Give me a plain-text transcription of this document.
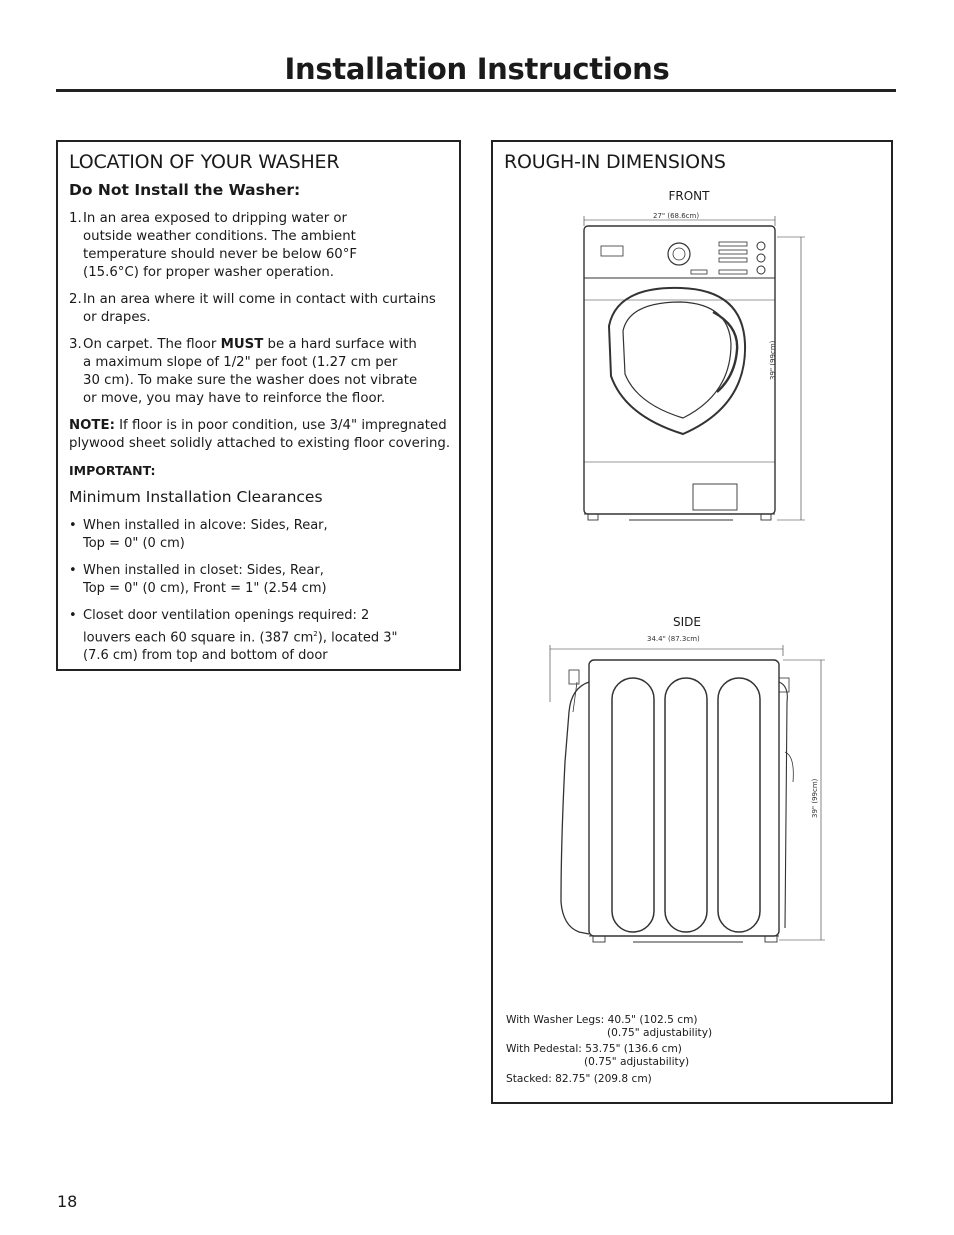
Installation Instructions
LOCATION OF YOUR WASHER
Do Not Install the Washer:
1. In an area exposed to dripping water or outside weather conditions. The ambient temperature should never be below 60°F (15.6°C) for proper washer operation.
2. In an area where it will come in contact with curtains or drapes.
3. On carpet. The floor MUST be a hard surface with a maximum slope of 1/2" per foot (1.27 cm per 30 cm). To make sure the washer does not vibrate or move, you may have to reinforce the floor.
NOTE: If floor is in poor condition, use 3/4" impregnated plywood sheet solidly attached to existing floor covering.
IMPORTANT:
Minimum Installation Clearances
• When installed in alcove: Sides, Rear, Top = 0" (0 cm)
• When installed in closet: Sides, Rear, Top = 0" (0 cm), Front = 1" (2.54 cm)
• Closet door ventilation openings required: 2 louvers each 60 square in. (387 $cm^2$), located 3" (7.6 cm) from top and bottom of door
ROUGH-IN DIMENSIONS
FRONT
27" (68.6cm)
39" (99cm)
SIDE
34.4" (87.3cm)
39" (99cm)
With Washer Legs: 40.5" (102.5 cm)
(0.75" adjustability)
With Pedestal: 53.75" (136.6 cm)
(0.75" adjustability)
Stacked: 82.75" (209.8 cm)
18
